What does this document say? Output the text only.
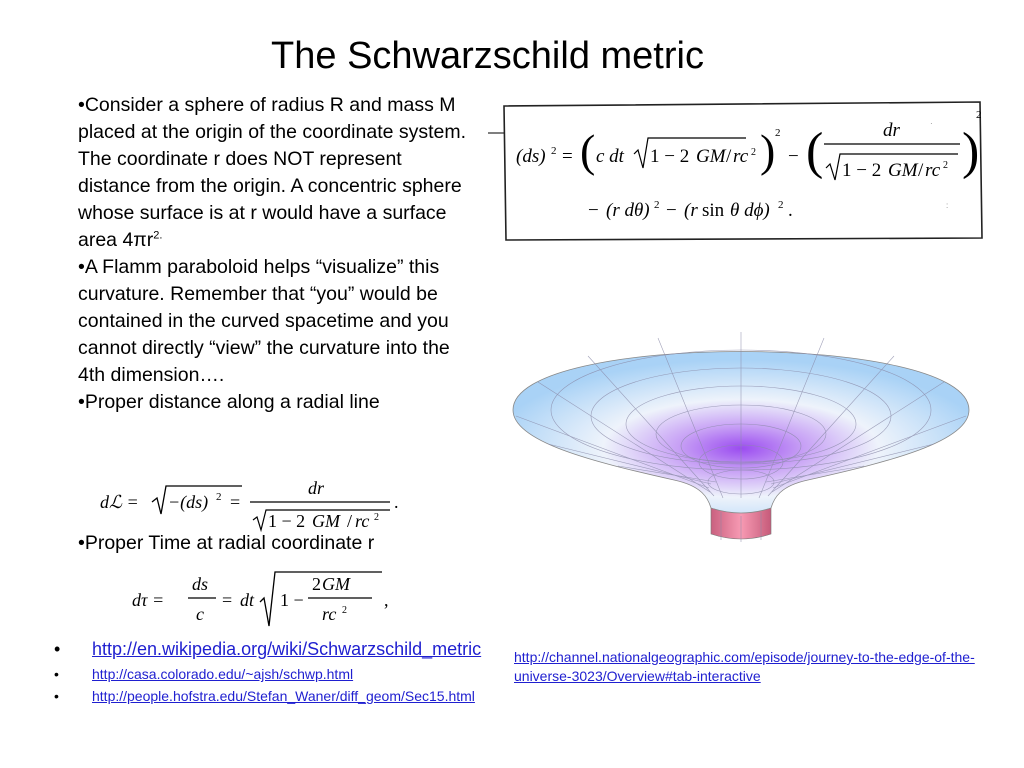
The Schwarzschild metric

•Consider a sphere of radius R and mass M placed at the origin of the coordinate system. The coordinate r does NOT represent distance from the origin. A concentric sphere whose surface is at r would have a surface area $4\pi r^{2.}$

•A Flamm paraboloid helps “visualize” this curvature. Remember that “you” would be contained in the curved spacetime and you cannot directly “view” the curvature into the 4th dimension….

•Proper distance along a radial line

dℒ = −(ds) 2 =
dr
1 − 2 GM / rc 2
.

•Proper Time at radial coordinate r

dτ =
ds
c
= dt 1 −
2 GM
rc 2
,
(ds) 2 = ( c dt 1 − 2 GM / rc 2 ) 2
− (	dr
1 − 2 GM / rc 2 )
2
− (r dθ) 2 − (r sin θ dϕ) 2 .
·
:
• http://en.wikipedia.org/wiki/Schwarzschild_metric
• http://casa.colorado.edu/~ajsh/schwp.html
• http://people.hofstra.edu/Stefan_Waner/diff_geom/Sec15.html
http://channel.nationalgeographic.com/episode/journey-to-the-edge-of-the-universe-3023/Overview#tab-interactive
